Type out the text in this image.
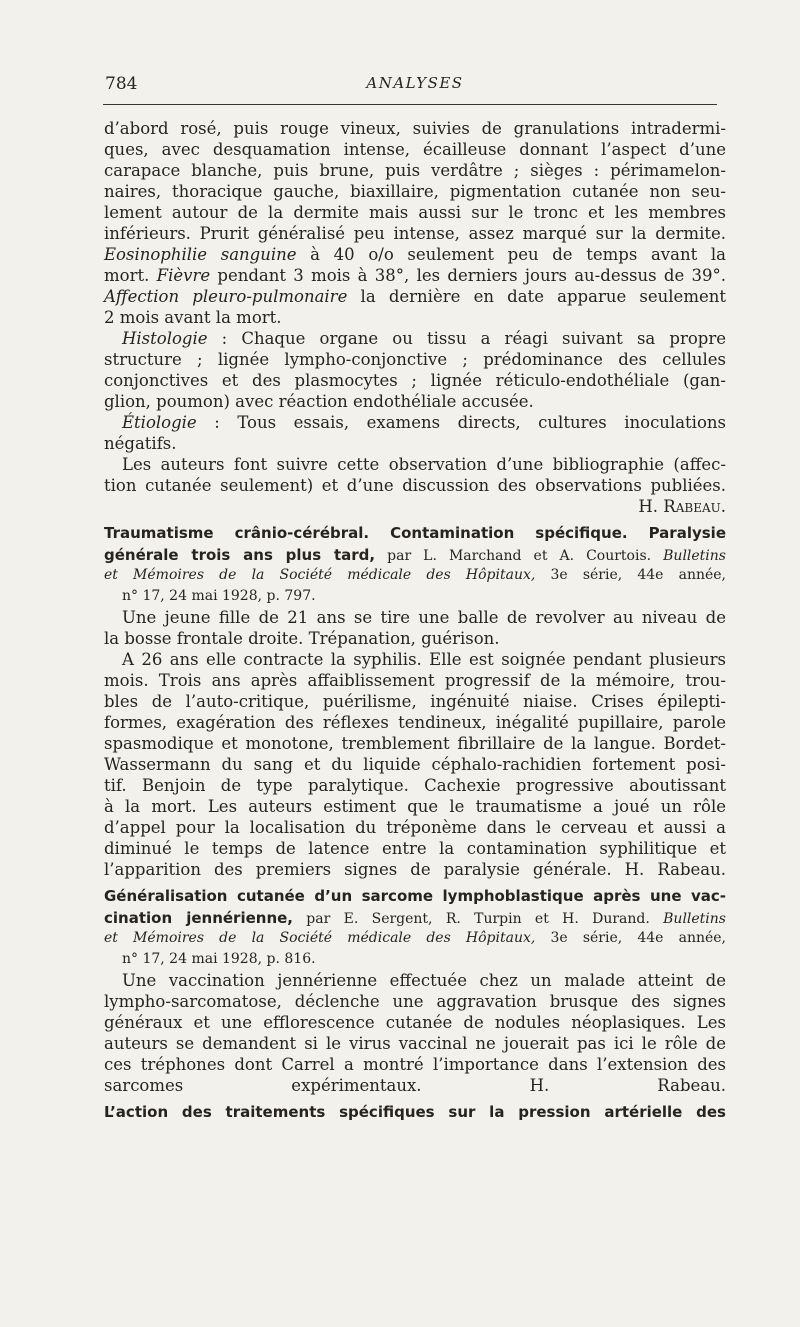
784	ANALYSES
d’abord rosé, puis rouge vineux, suivies de granulations intradermi-
ques, avec desquamation intense, écailleuse donnant l’aspect d’une
carapace blanche, puis brune, puis verdâtre ; sièges : périmamelon-
naires, thoracique gauche, biaxillaire, pigmentation cutanée non seu-
lement autour de la dermite mais aussi sur le tronc et les membres
inférieurs. Prurit généralisé peu intense, assez marqué sur la dermite.
Eosinophilie sanguine à 40 o/o seulement peu de temps avant la
mort. Fièvre pendant 3 mois à 38°, les derniers jours au-dessus de 39°.
Affection pleuro-pulmonaire la dernière en date apparue seulement
2 mois avant la mort.
Histologie : Chaque organe ou tissu a réagi suivant sa propre
structure ; lignée lympho-conjonctive ; prédominance des cellules
conjonctives et des plasmocytes ; lignée réticulo-endothéliale (gan-
glion, poumon) avec réaction endothéliale accusée.
Étiologie : Tous essais, examens directs, cultures inoculations
négatifs.
Les auteurs font suivre cette observation d’une bibliographie (affec-
tion cutanée seulement) et d’une discussion des observations publiées.
H. Rabeau.
Traumatisme crânio-cérébral. Contamination spécifique. Paralysie
générale trois ans plus tard, par L. Marchand et A. Courtois. Bulletins
et Mémoires de la Société médicale des Hôpitaux, 3e série, 44e année,
n° 17, 24 mai 1928, p. 797.
Une jeune fille de 21 ans se tire une balle de revolver au niveau de
la bosse frontale droite. Trépanation, guérison.
A 26 ans elle contracte la syphilis. Elle est soignée pendant plusieurs
mois. Trois ans après affaiblissement progressif de la mémoire, trou-
bles de l’auto-critique, puérilisme, ingénuité niaise. Crises épilepti-
formes, exagération des réflexes tendineux, inégalité pupillaire, parole
spasmodique et monotone, tremblement fibrillaire de la langue. Bordet-
Wassermann du sang et du liquide céphalo-rachidien fortement posi-
tif. Benjoin de type paralytique. Cachexie progressive aboutissant
à la mort. Les auteurs estiment que le traumatisme a joué un rôle
d’appel pour la localisation du tréponème dans le cerveau et aussi a
diminué le temps de latence entre la contamination syphilitique et
l’apparition des premiers signes de paralysie générale. H. Rabeau.
Généralisation cutanée d’un sarcome lymphoblastique après une vac-
cination jennérienne, par E. Sergent, R. Turpin et H. Durand. Bulletins
et Mémoires de la Société médicale des Hôpitaux, 3e série, 44e année,
n° 17, 24 mai 1928, p. 816.
Une vaccination jennérienne effectuée chez un malade atteint de
lympho-sarcomatose, déclenche une aggravation brusque des signes
généraux et une efflorescence cutanée de nodules néoplasiques. Les
auteurs se demandent si le virus vaccinal ne jouerait pas ici le rôle de
ces tréphones dont Carrel a montré l’importance dans l’extension des
sarcomes expérimentaux. H. Rabeau.
L’action des traitements spécifiques sur la pression artérielle des
